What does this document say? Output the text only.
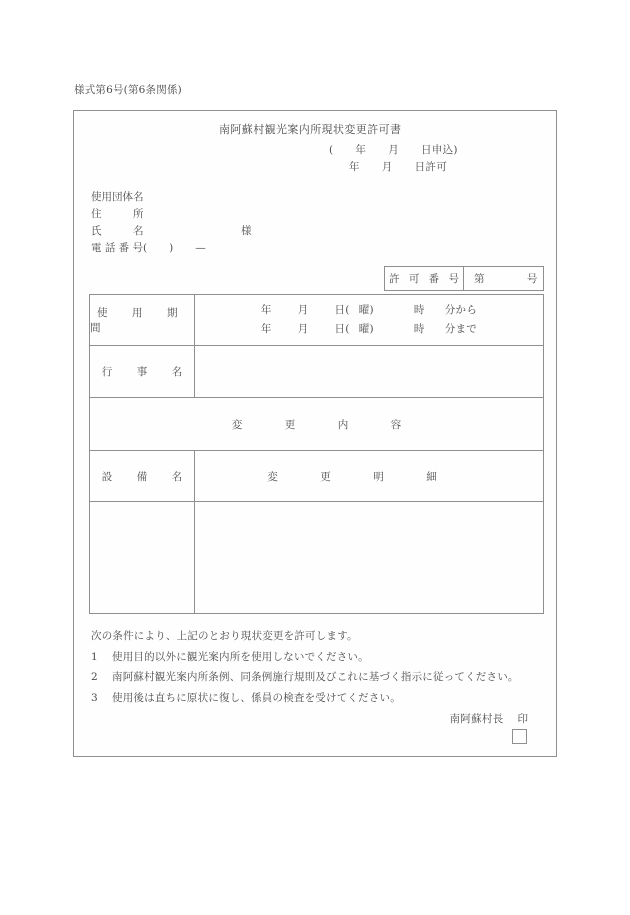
様式第6号(第6条関係)
南阿蘇村観光案内所現状変更許可書
( 年 月 日申込)
年 月 日許可
使用団体名
住　　　所
氏　　　名	様
電 話 番 号( ) —
許 可 番 号 第	号
使　用　期　間
年 月 日( 曜)	時 分から
年 月 日( 曜)	時 分まで
行　事　名
変　更　内　容
設　備　名	変　更　明　細
次の条件により、上記のとおり現状変更を許可します。
1	使用目的以外に観光案内所を使用しないでください。
2	南阿蘇村観光案内所条例、同条例施行規則及びこれに基づく指示に従ってください。
3	使用後は直ちに原状に復し、係員の検査を受けてください。
南阿蘇村長 印
